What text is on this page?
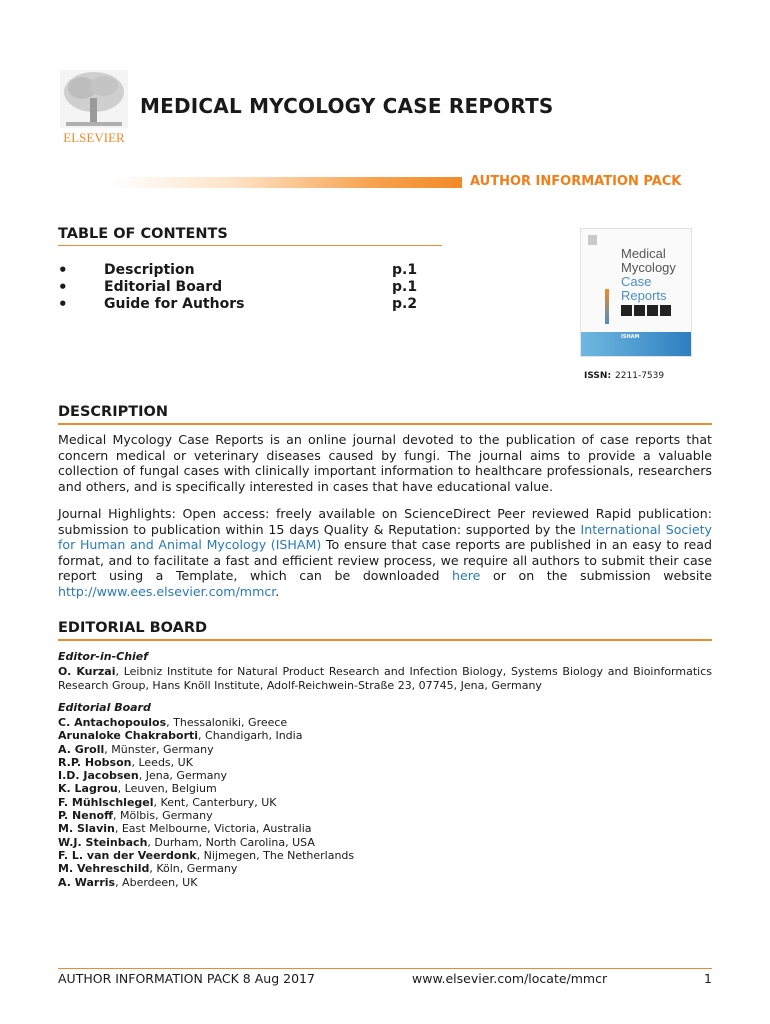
ELSEVIER
MEDICAL MYCOLOGY CASE REPORTS
AUTHOR INFORMATION PACK
TABLE OF CONTENTS
•	Description	p.1
•	Editorial Board	p.1
•	Guide for Authors	p.2
Medical
Mycology
Case
Reports
ISHAM
ISSN: 2211-7539
DESCRIPTION

Medical Mycology Case Reports is an online journal devoted to the publication of case reports that concern medical or veterinary diseases caused by fungi. The journal aims to provide a valuable collection of fungal cases with clinically important information to healthcare professionals, researchers and others, and is specifically interested in cases that have educational value.

Journal Highlights: Open access: freely available on ScienceDirect Peer reviewed Rapid publication: submission to publication within 15 days Quality & Reputation: supported by the International Society for Human and Animal Mycology (ISHAM) To ensure that case reports are published in an easy to read format, and to facilitate a fast and efficient review process, we require all authors to submit their case report using a Template, which can be downloaded here or on the submission website http://www.ees.elsevier.com/mmcr.

EDITORIAL BOARD
Editor-in-Chief

O. Kurzai, Leibniz Institute for Natural Product Research and Infection Biology, Systems Biology and Bioinformatics Research Group, Hans Knöll Institute, Adolf-Reichwein-Straße 23, 07745, Jena, Germany

Editorial Board
C. Antachopoulos, Thessaloniki, Greece
Arunaloke Chakraborti, Chandigarh, India
A. Groll, Münster, Germany
R.P. Hobson, Leeds, UK
I.D. Jacobsen, Jena, Germany
K. Lagrou, Leuven, Belgium
F. Mühlschlegel, Kent, Canterbury, UK
P. Nenoff, Mölbis, Germany
M. Slavin, East Melbourne, Victoria, Australia
W.J. Steinbach, Durham, North Carolina, USA
F. L. van der Veerdonk, Nijmegen, The Netherlands
M. Vehreschild, Köln, Germany
A. Warris, Aberdeen, UK
AUTHOR INFORMATION PACK 8 Aug 2017	www.elsevier.com/locate/mmcr	1
